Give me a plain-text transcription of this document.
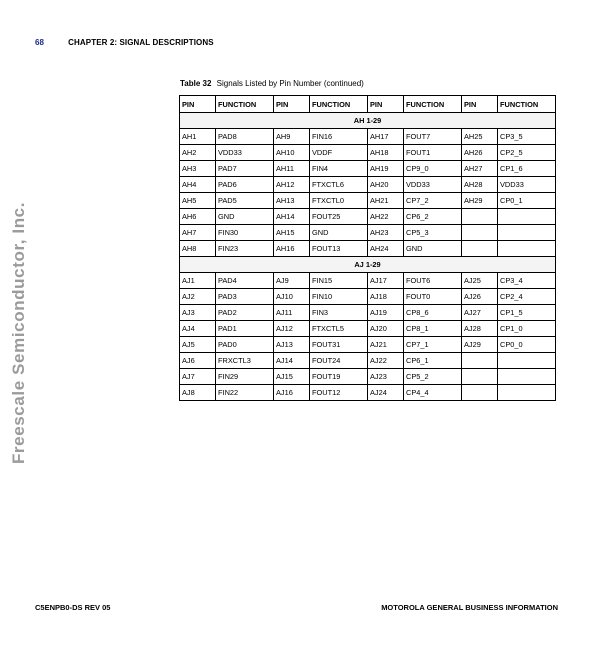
68	CHAPTER 2: SIGNAL DESCRIPTIONS
Freescale Semiconductor, Inc.
Table 32 Signals Listed by Pin Number (continued)
PIN	FUNCTION	PIN	FUNCTION	PIN	FUNCTION	PIN	FUNCTION
AH 1-29							
AH1	PAD8	AH9	FIN16	AH17	FOUT7	AH25	CP3_5
AH2	VDD33	AH10	VDDF	AH18	FOUT1	AH26	CP2_5
AH3	PAD7	AH11	FIN4	AH19	CP9_0	AH27	CP1_6
AH4	PAD6	AH12	FTXCTL6	AH20	VDD33	AH28	VDD33
AH5	PAD5	AH13	FTXCTL0	AH21	CP7_2	AH29	CP0_1
AH6	GND	AH14	FOUT25	AH22	CP6_2		
AH7	FIN30	AH15	GND	AH23	CP5_3		
AH8	FIN23	AH16	FOUT13	AH24	GND		
AJ 1-29							
AJ1	PAD4	AJ9	FIN15	AJ17	FOUT6	AJ25	CP3_4
AJ2	PAD3	AJ10	FIN10	AJ18	FOUT0	AJ26	CP2_4
AJ3	PAD2	AJ11	FIN3	AJ19	CP8_6	AJ27	CP1_5
AJ4	PAD1	AJ12	FTXCTL5	AJ20	CP8_1	AJ28	CP1_0
AJ5	PAD0	AJ13	FOUT31	AJ21	CP7_1	AJ29	CP0_0
AJ6	FRXCTL3	AJ14	FOUT24	AJ22	CP6_1		
AJ7	FIN29	AJ15	FOUT19	AJ23	CP5_2		
AJ8	FIN22	AJ16	FOUT12	AJ24	CP4_4		
C5ENPB0-DS REV 05	MOTOROLA GENERAL BUSINESS INFORMATION
